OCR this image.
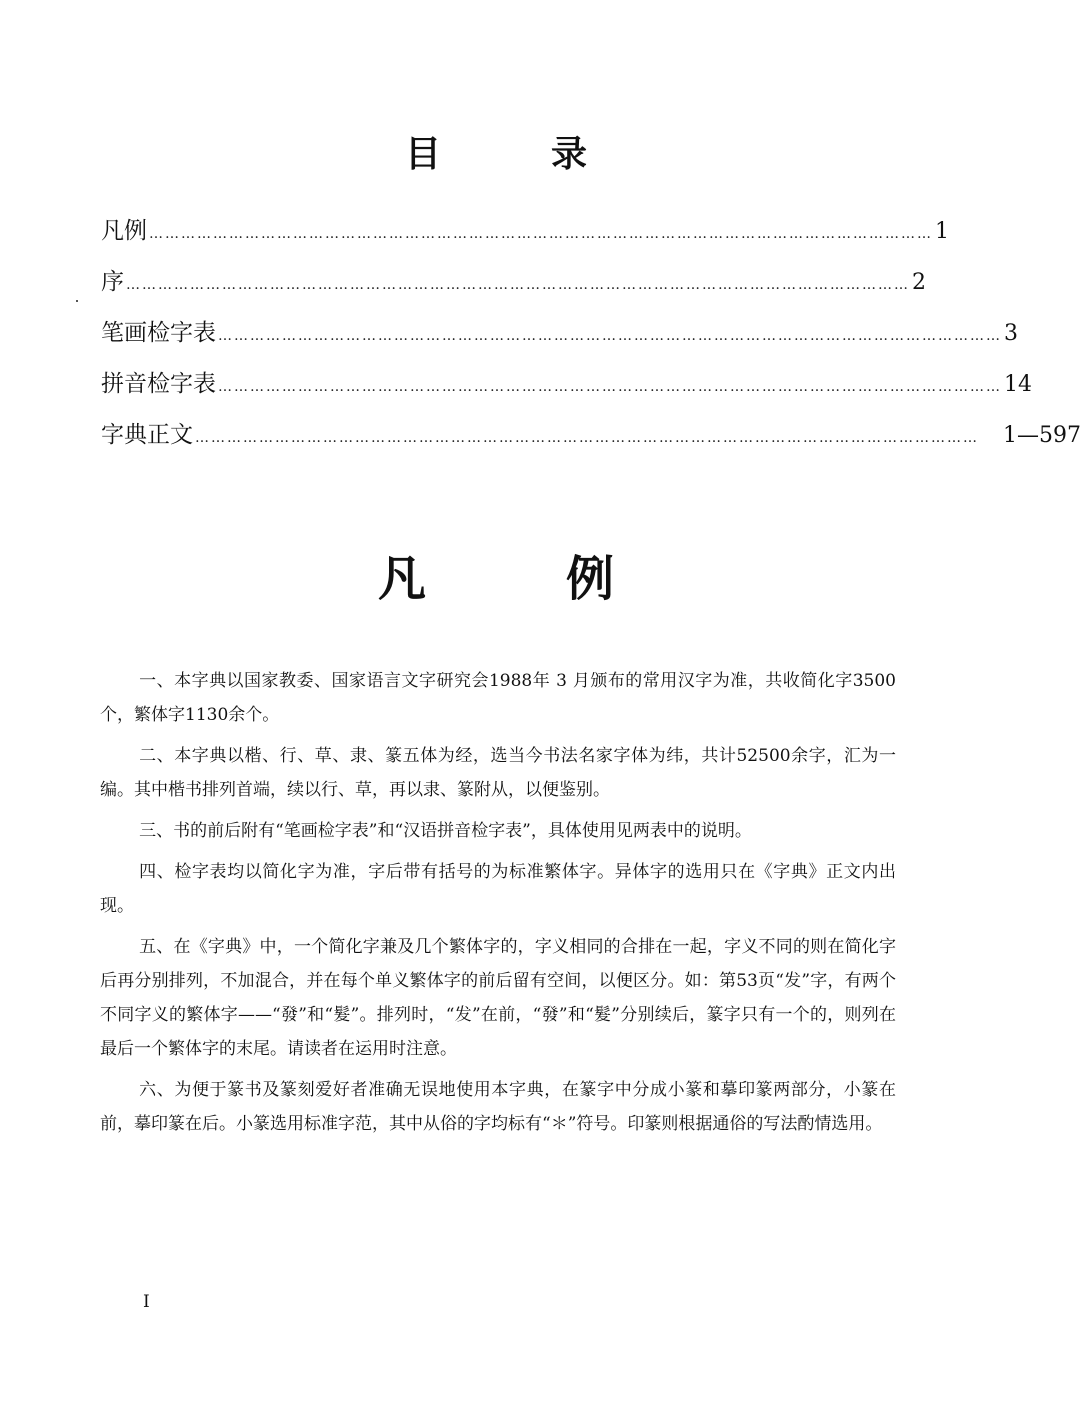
目录
凡例 ………………………………………………………………………………………………………………………………… 1
序 ………………………………………………………………………………………………………………………………… 2
笔画检字表 ………………………………………………………………………………………………………………………………… 3
拼音检字表 ………………………………………………………………………………………………………………………………… 14
字典正文 ………………………………………………………………………………………………………………………………… 1—597
凡例

一、本字典以国家教委、国家语言文字研究会1988年 3 月颁布的常用汉字为准，共收简化字3500个，繁体字1130余个。

二、本字典以楷、行、草、隶、篆五体为经，选当今书法名家字体为纬，共计52500余字，汇为一编。其中楷书排列首端，续以行、草，再以隶、篆附从，以便鉴别。

三、书的前后附有“笔画检字表”和“汉语拼音检字表”，具体使用见两表中的说明。

四、检字表均以简化字为准，字后带有括号的为标准繁体字。异体字的选用只在《字典》正文内出现。

五、在《字典》中，一个简化字兼及几个繁体字的，字义相同的合排在一起，字义不同的则在简化字后再分别排列，不加混合，并在每个单义繁体字的前后留有空间，以便区分。如：第53页“发”字，有两个不同字义的繁体字——“發”和“髮”。排列时，“发”在前，“發”和“髮”分别续后，篆字只有一个的，则列在最后一个繁体字的末尾。请读者在运用时注意。

六、为便于篆书及篆刻爱好者准确无误地使用本字典，在篆字中分成小篆和摹印篆两部分，小篆在前，摹印篆在后。小篆选用标准字范，其中从俗的字均标有“＊”符号。印篆则根据通俗的写法酌情选用。

I
